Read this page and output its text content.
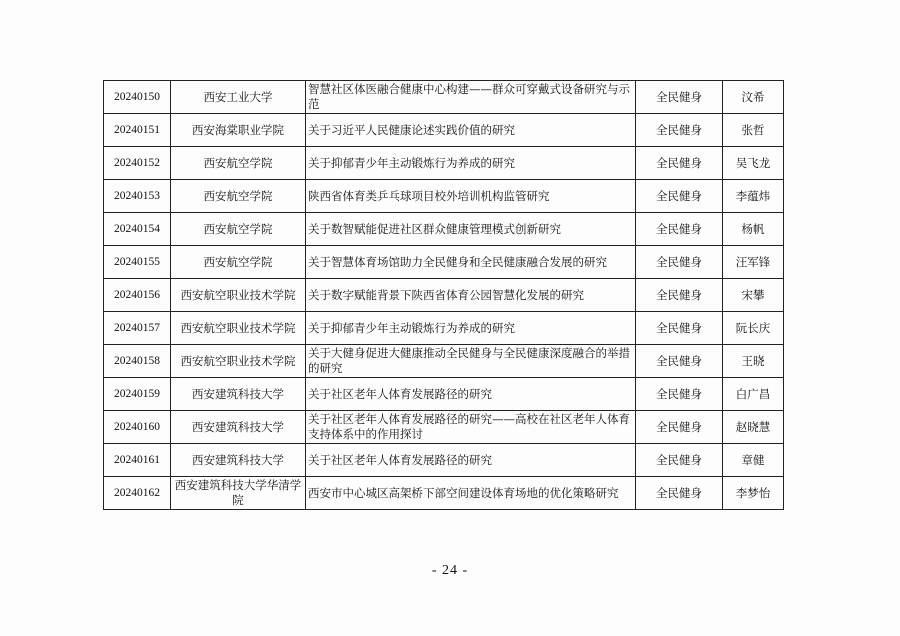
20240150	西安工业大学	智慧社区体医融合健康中心构建——群众可穿戴式设备研究与示范	全民健身	汶希
20240151	西安海棠职业学院	关于习近平人民健康论述实践价值的研究	全民健身	张哲
20240152	西安航空学院	关于抑郁青少年主动锻炼行为养成的研究	全民健身	吴飞龙
20240153	西安航空学院	陕西省体育类乒乓球项目校外培训机构监管研究	全民健身	李蕴炜
20240154	西安航空学院	关于数智赋能促进社区群众健康管理模式创新研究	全民健身	杨帆
20240155	西安航空学院	关于智慧体育场馆助力全民健身和全民健康融合发展的研究	全民健身	汪军锋
20240156	西安航空职业技术学院	关于数字赋能背景下陕西省体育公园智慧化发展的研究	全民健身	宋攀
20240157	西安航空职业技术学院	关于抑郁青少年主动锻炼行为养成的研究	全民健身	阮长庆
20240158	西安航空职业技术学院	关于大健身促进大健康推动全民健身与全民健康深度融合的举措的研究	全民健身	王晓
20240159	西安建筑科技大学	关于社区老年人体育发展路径的研究	全民健身	白广昌
20240160	西安建筑科技大学	关于社区老年人体育发展路径的研究——高校在社区老年人体育支持体系中的作用探讨	全民健身	赵晓慧
20240161	西安建筑科技大学	关于社区老年人体育发展路径的研究	全民健身	章健
20240162	西安建筑科技大学华清学院	西安市中心城区高架桥下部空间建设体育场地的优化策略研究	全民健身	李梦怡
- 24 -
